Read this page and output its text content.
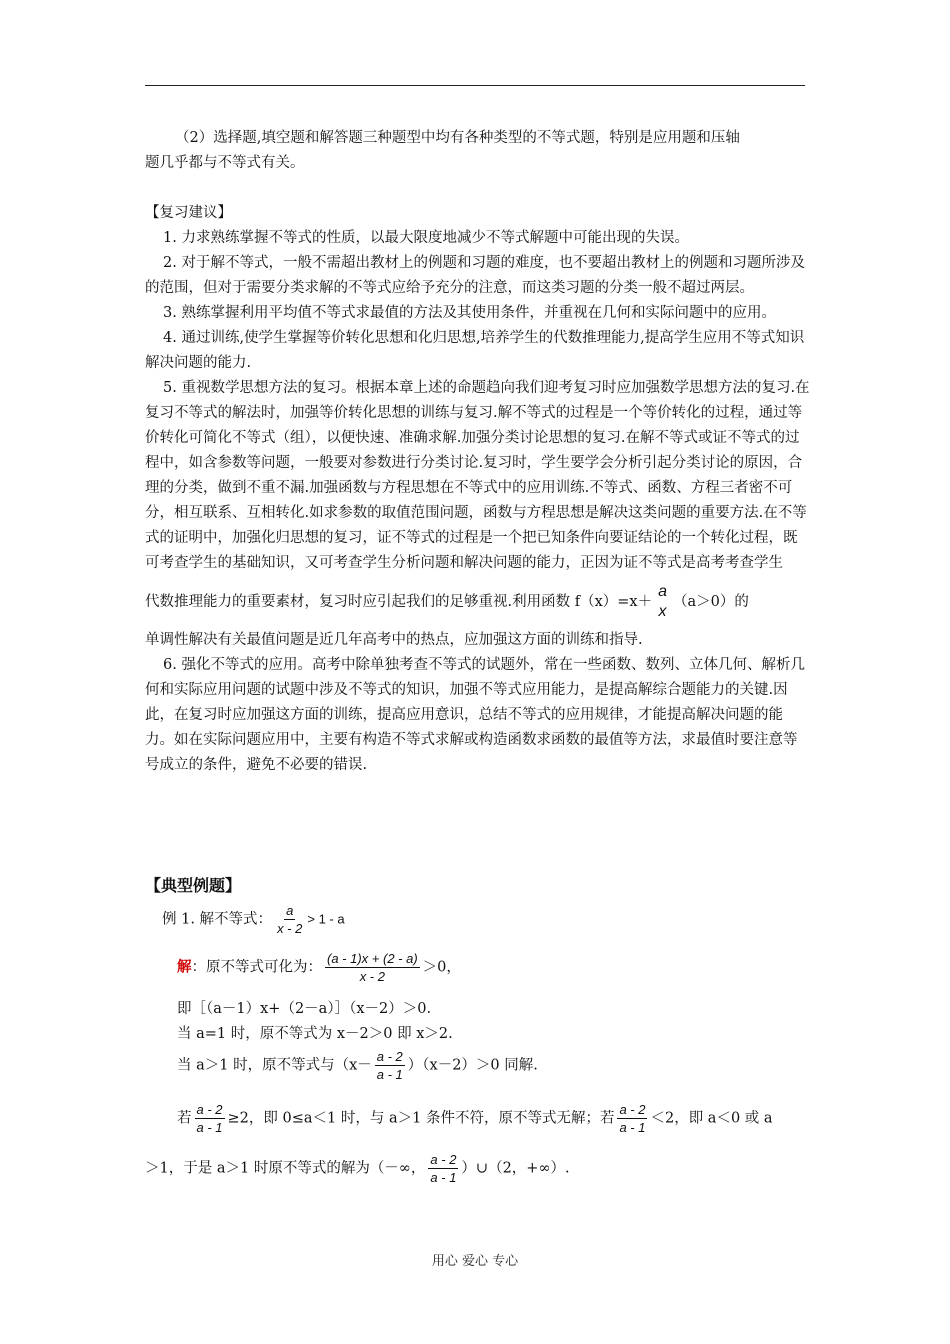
（2）选择题,填空题和解答题三种题型中均有各种类型的不等式题，特别是应用题和压轴

题几乎都与不等式有关。

【复习建议】

1. 力求熟练掌握不等式的性质，以最大限度地减少不等式解题中可能出现的失误。

2. 对于解不等式，一般不需超出教材上的例题和习题的难度，也不要超出教材上的例题和习题所涉及的范围，但对于需要分类求解的不等式应给予充分的注意，而这类习题的分类一般不超过两层。

3. 熟练掌握利用平均值不等式求最值的方法及其使用条件，并重视在几何和实际问题中的应用。

4. 通过训练,使学生掌握等价转化思想和化归思想,培养学生的代数推理能力,提高学生应用不等式知识解决问题的能力.

5. 重视数学思想方法的复习。根据本章上述的命题趋向我们迎考复习时应加强数学思想方法的复习.在复习不等式的解法时，加强等价转化思想的训练与复习.解不等式的过程是一个等价转化的过程，通过等价转化可简化不等式（组），以便快速、准确求解.加强分类讨论思想的复习.在解不等式或证不等式的过程中，如含参数等问题，一般要对参数进行分类讨论.复习时，学生要学会分析引起分类讨论的原因，合理的分类，做到不重不漏.加强函数与方程思想在不等式中的应用训练.不等式、函数、方程三者密不可分，相互联系、互相转化.如求参数的取值范围问题，函数与方程思想是解决这类问题的重要方法.在不等式的证明中，加强化归思想的复习，证不等式的过程是一个把已知条件向要证结论的一个转化过程，既可考查学生的基础知识，又可考查学生分析问题和解决问题的能力，正因为证不等式是高考考查学生

代数推理能力的重要素材，复习时应引起我们的足够重视.利用函数 f（x）=x＋
a
x
（a＞0）的

单调性解决有关最值问题是近几年高考中的热点，应加强这方面的训练和指导.

6. 强化不等式的应用。高考中除单独考查不等式的试题外，常在一些函数、数列、立体几何、解析几何和实际应用问题的试题中涉及不等式的知识，加强不等式应用能力，是提高解综合题能力的关键.因此，在复习时应加强这方面的训练，提高应用意识，总结不等式的应用规律，才能提高解决问题的能力。如在实际问题应用中，主要有构造不等式求解或构造函数求函数的最值等方法，求最值时要注意等号成立的条件，避免不必要的错误.

【典型例题】

例 1. 解不等式： $\frac{a}{x - 2} > 1 - a$
解：原不等式可化为： $\frac{(a - 1)x + (2 - a)}{x - 2} >0$，

即［（a－1）x+（2－a）］（x－2）＞0.

当 a=1 时，原不等式为 x－2＞0 即 x＞2.

当 a＞1 时，原不等式与$(x- \frac{a - 2}{a - 1} )(x-2)>0$ 同解.
若 $\frac{a - 2}{a - 1} \ge 2$，即 0≤a＜1 时，与 a＞1 条件不符，原不等式无解；若 $\frac{a - 2}{a - 1} <2$，即 a＜0 或 a
＞1，于是 a＞1 时原不等式的解为（－∞， $\frac{a - 2}{a - 1}$ ）∪（2，+∞）.
用心 爱心 专心
